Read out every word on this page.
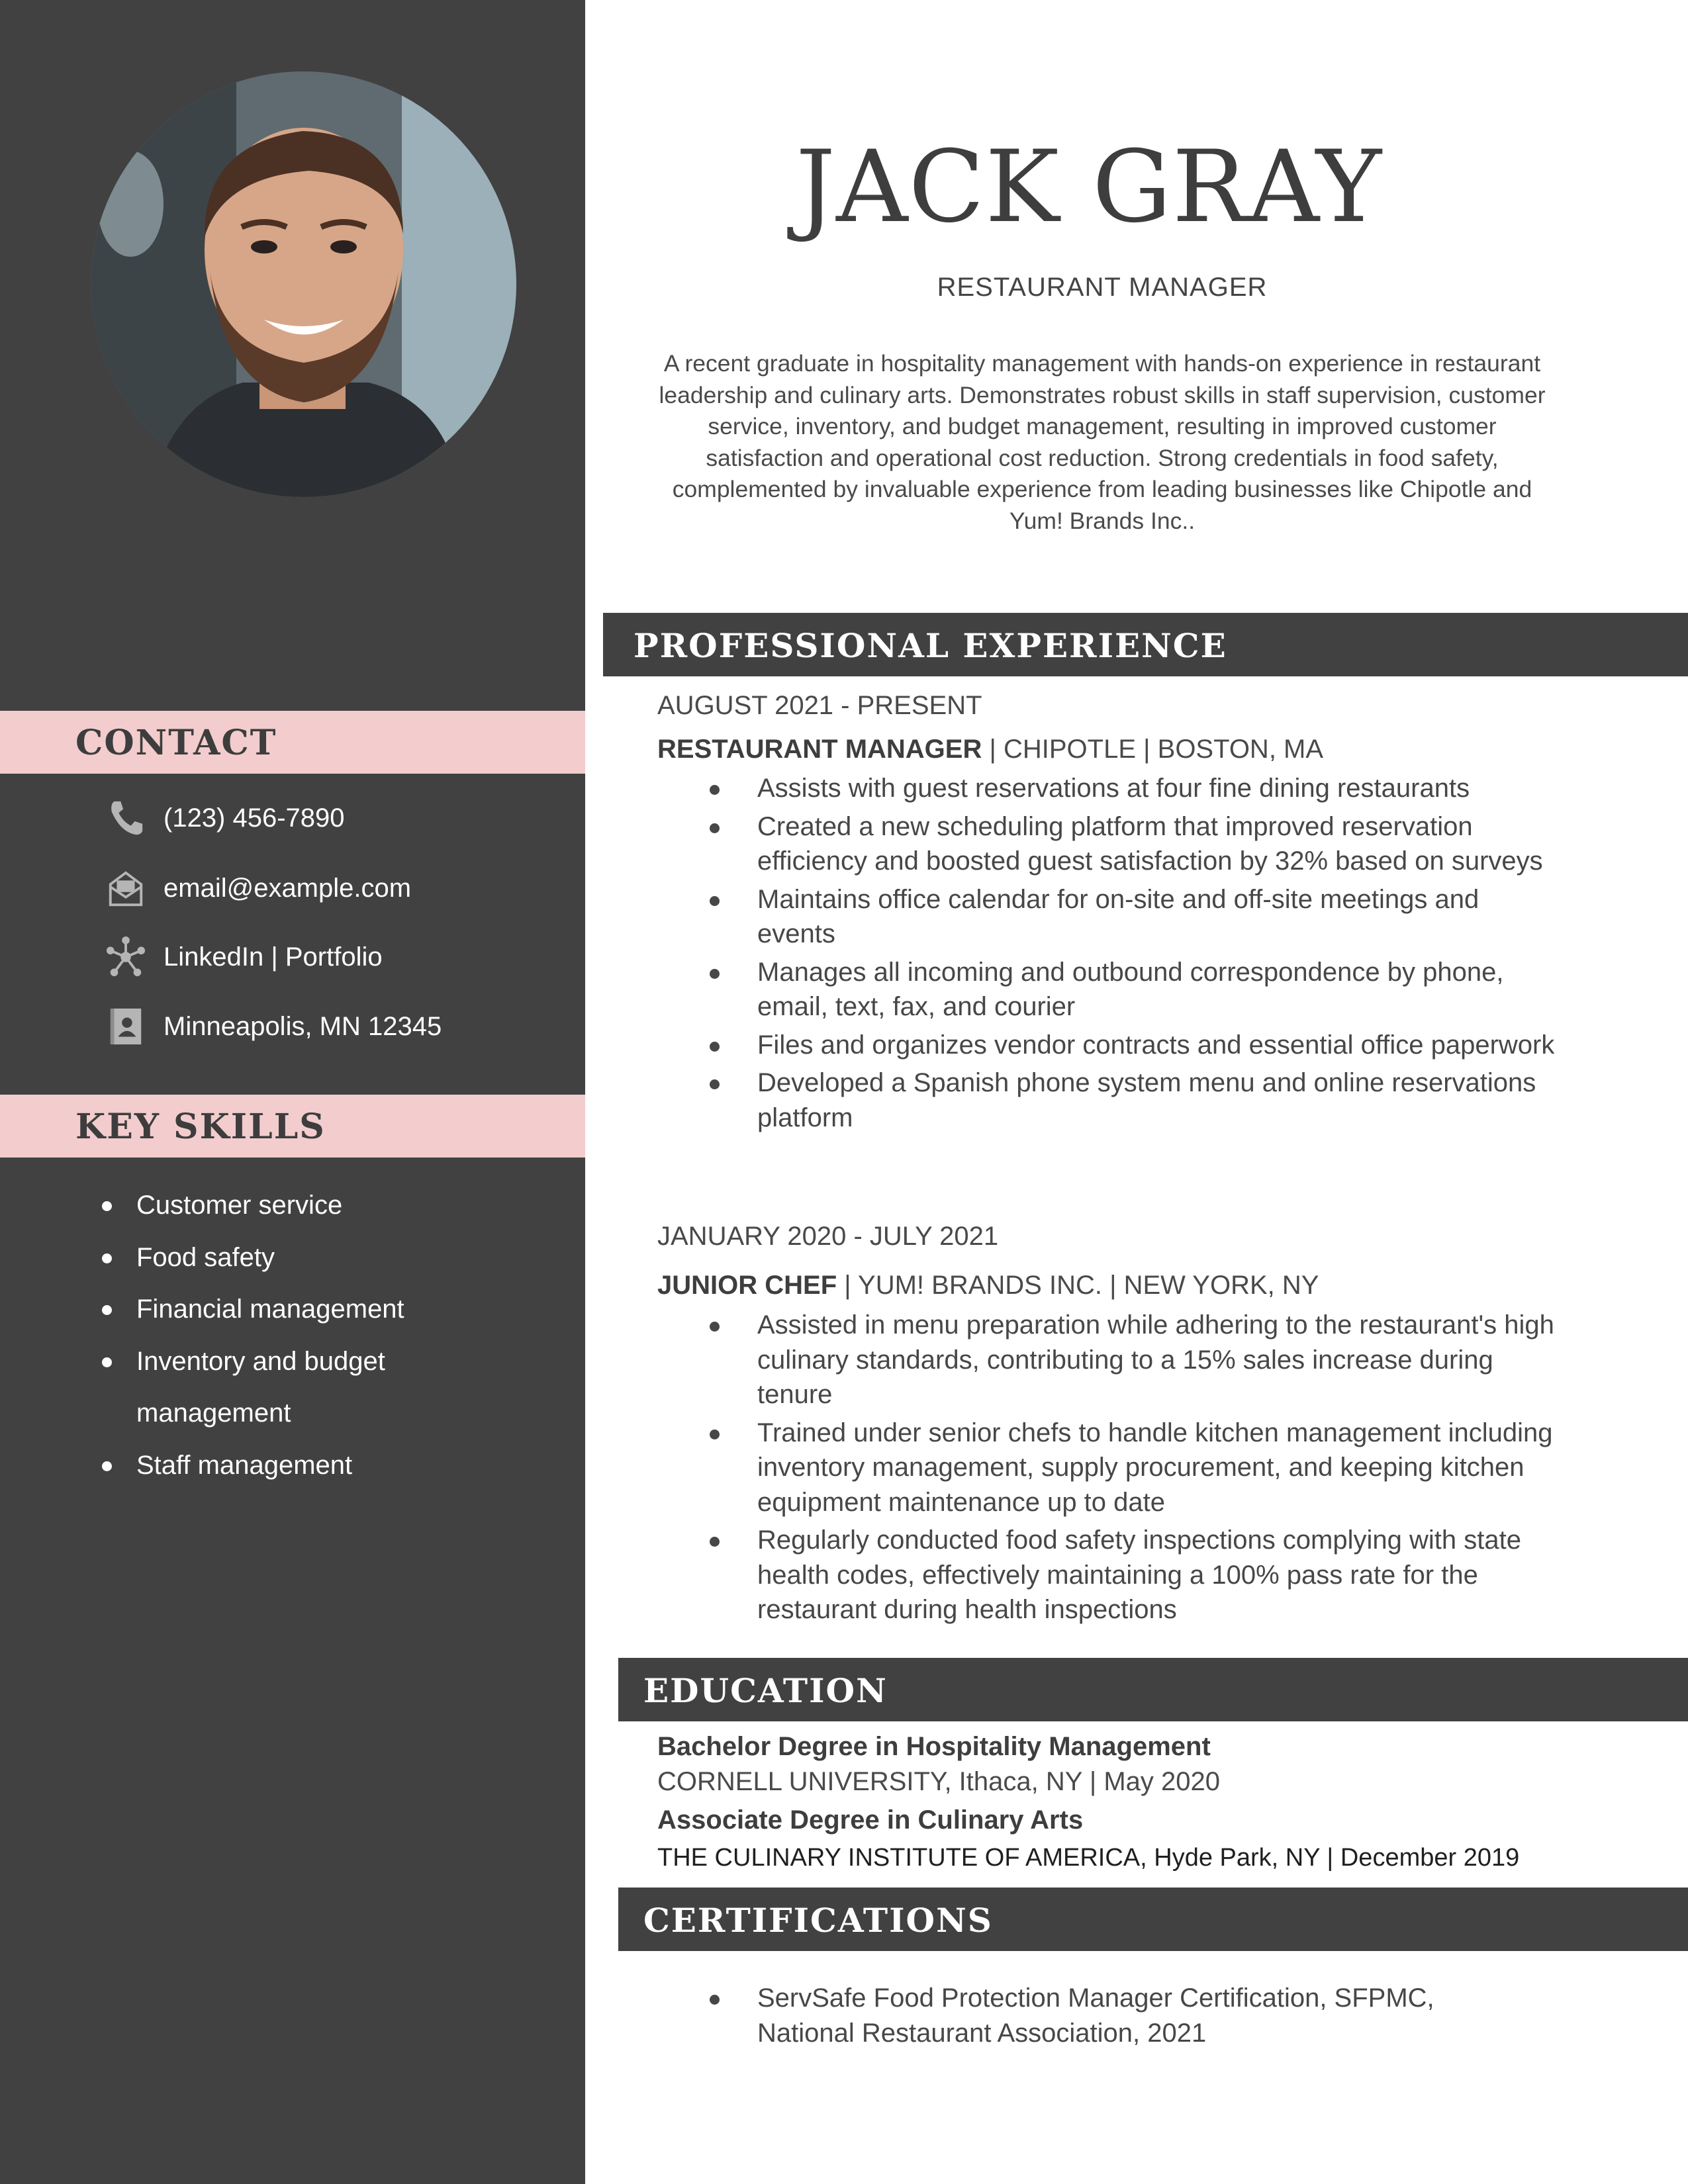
CONTACT
(123) 456-7890
email@example.com
LinkedIn | Portfolio
Minneapolis, MN 12345
KEY SKILLS
Customer service
Food safety
Financial management
Inventory and budget management
Staff management
JACK GRAY
RESTAURANT MANAGER

A recent graduate in hospitality management with hands-on experience in restaurant leadership and culinary arts. Demonstrates robust skills in staff supervision, customer service, inventory, and budget management, resulting in improved customer satisfaction and operational cost reduction. Strong credentials in food safety, complemented by invaluable experience from leading businesses like Chipotle and Yum! Brands Inc..

PROFESSIONAL EXPERIENCE
AUGUST 2021 - PRESENT
RESTAURANT MANAGER | CHIPOTLE | BOSTON, MA
Assists with guest reservations at four fine dining restaurants
Created a new scheduling platform that improved reservation efficiency and boosted guest satisfaction by 32% based on surveys
Maintains office calendar for on-site and off-site meetings and events
Manages all incoming and outbound correspondence by phone, email, text, fax, and courier
Files and organizes vendor contracts and essential office paperwork
Developed a Spanish phone system menu and online reservations platform
JANUARY 2020 - JULY 2021
JUNIOR CHEF | YUM! BRANDS INC. | NEW YORK, NY
Assisted in menu preparation while adhering to the restaurant's high culinary standards, contributing to a 15% sales increase during tenure
Trained under senior chefs to handle kitchen management including inventory management, supply procurement, and keeping kitchen equipment maintenance up to date
Regularly conducted food safety inspections complying with state health codes, effectively maintaining a 100% pass rate for the restaurant during health inspections
EDUCATION
Bachelor Degree in Hospitality Management
CORNELL UNIVERSITY, Ithaca, NY | May 2020
Associate Degree in Culinary Arts
THE CULINARY INSTITUTE OF AMERICA, Hyde Park, NY | December 2019
CERTIFICATIONS
ServSafe Food Protection Manager Certification, SFPMC, National Restaurant Association, 2021
